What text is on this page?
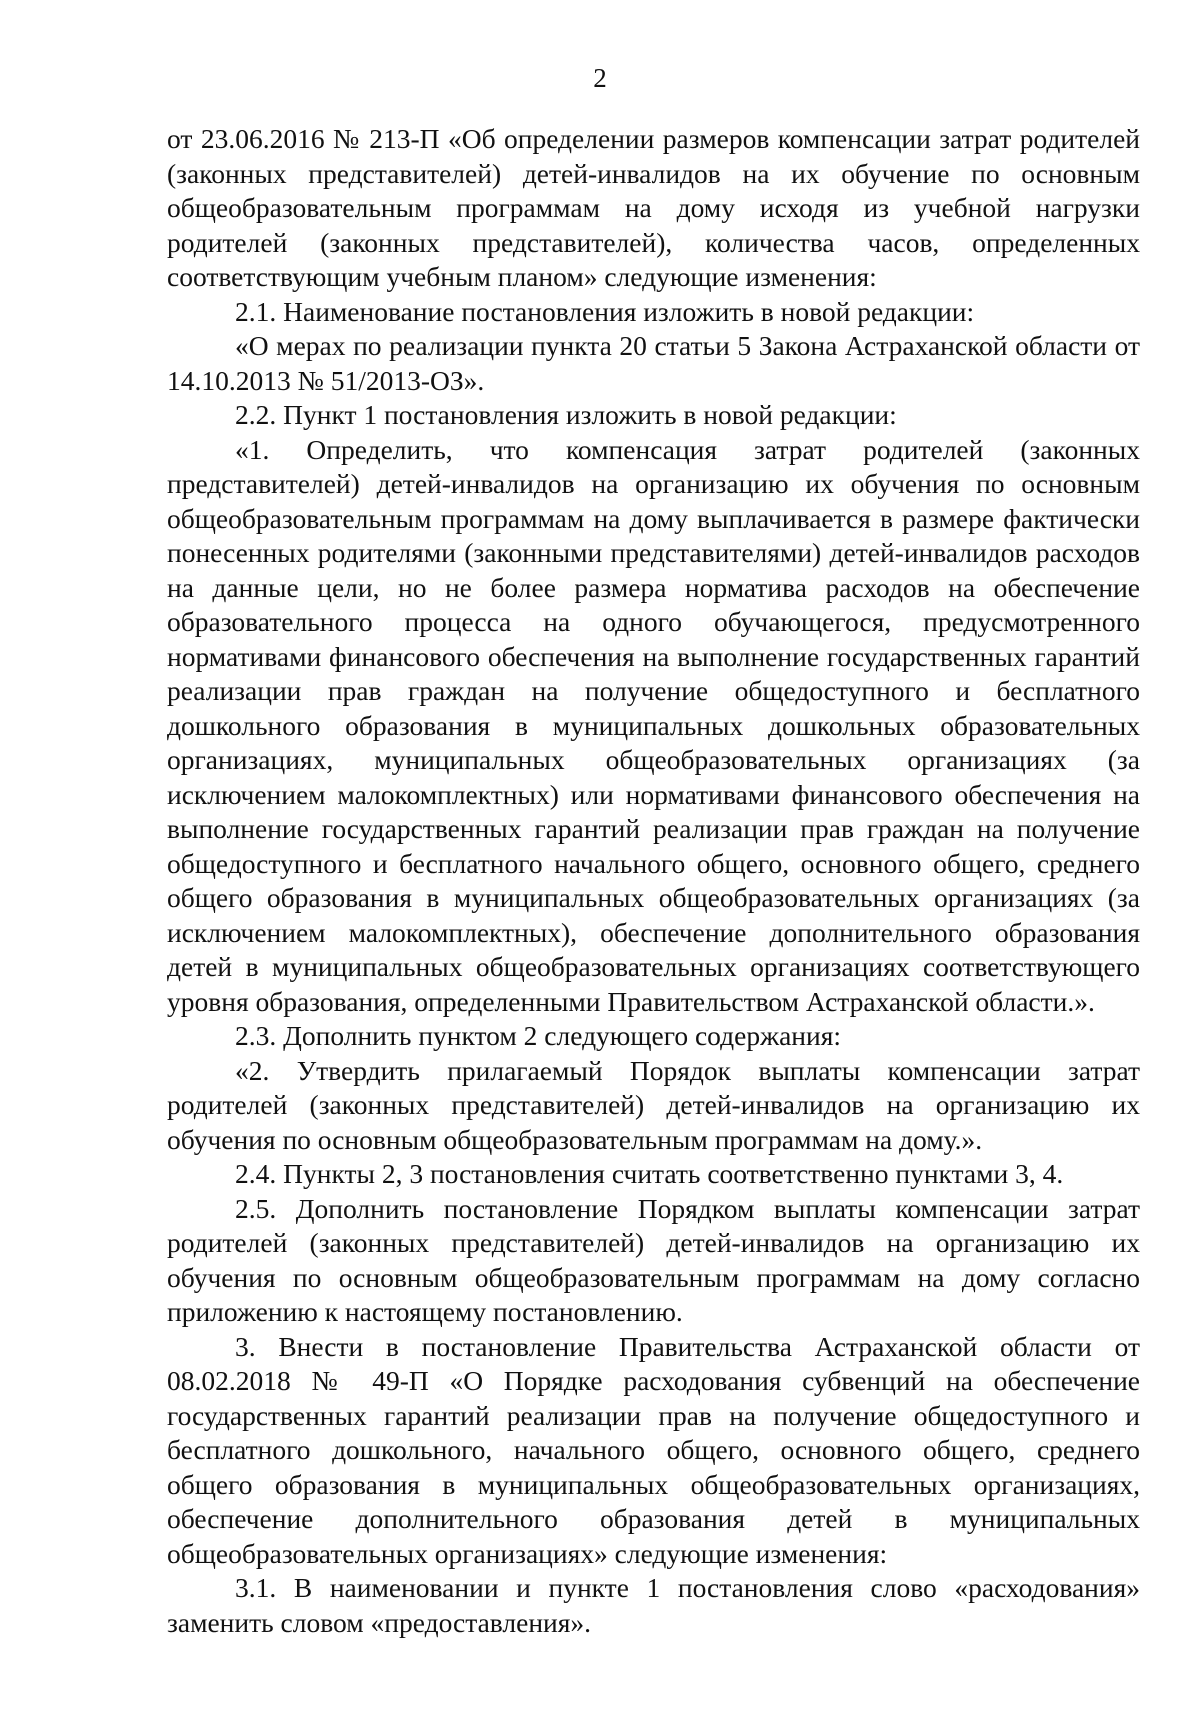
2

от 23.06.2016 № 213-П «Об определении размеров компенсации затрат родителей (законных представителей) детей-инвалидов на их обучение по основным общеобразовательным программам на дому исходя из учебной нагрузки родителей (законных представителей), количества часов, определенных соответствующим учебным планом» следующие изменения:

2.1. Наименование постановления изложить в новой редакции:

«О мерах по реализации пункта 20 статьи 5 Закона Астраханской области от 14.10.2013 № 51/2013-ОЗ».

2.2. Пункт 1 постановления изложить в новой редакции:

«1. Определить, что компенсация затрат родителей (законных представителей) детей-инвалидов на организацию их обучения по основным общеобразовательным программам на дому выплачивается в размере фактически понесенных родителями (законными представителями) детей-инвалидов расходов на данные цели, но не более размера норматива расходов на обеспечение образовательного процесса на одного обучающегося, предусмотренного нормативами финансового обеспечения на выполнение государственных гарантий реализации прав граждан на получение общедоступного и бесплатного дошкольного образования в муниципальных дошкольных образовательных организациях, муниципальных общеобразовательных организациях (за исключением малокомплектных) или нормативами финансового обеспечения на выполнение государственных гарантий реализации прав граждан на получение общедоступного и бесплатного начального общего, основного общего, среднего общего образования в муниципальных общеобразовательных организациях (за исключением малокомплектных), обеспечение дополнительного образования детей в муниципальных общеобразовательных организациях соответствующего уровня образования, определенными Правительством Астраханской области.».

2.3. Дополнить пунктом 2 следующего содержания:

«2. Утвердить прилагаемый Порядок выплаты компенсации затрат родителей (законных представителей) детей-инвалидов на организацию их обучения по основным общеобразовательным программам на дому.».

2.4. Пункты 2, 3 постановления считать соответственно пунктами 3, 4.

2.5. Дополнить постановление Порядком выплаты компенсации затрат родителей (законных представителей) детей-инвалидов на организацию их обучения по основным общеобразовательным программам на дому согласно приложению к настоящему постановлению.

3. Внести в постановление Правительства Астраханской области от 08.02.2018 № 49-П «О Порядке расходования субвенций на обеспечение государственных гарантий реализации прав на получение общедоступного и бесплатного дошкольного, начального общего, основного общего, среднего общего образования в муниципальных общеобразовательных организациях, обеспечение дополнительного образования детей в муниципальных общеобразовательных организациях» следующие изменения:

3.1. В наименовании и пункте 1 постановления слово «расходования» заменить словом «предоставления».
